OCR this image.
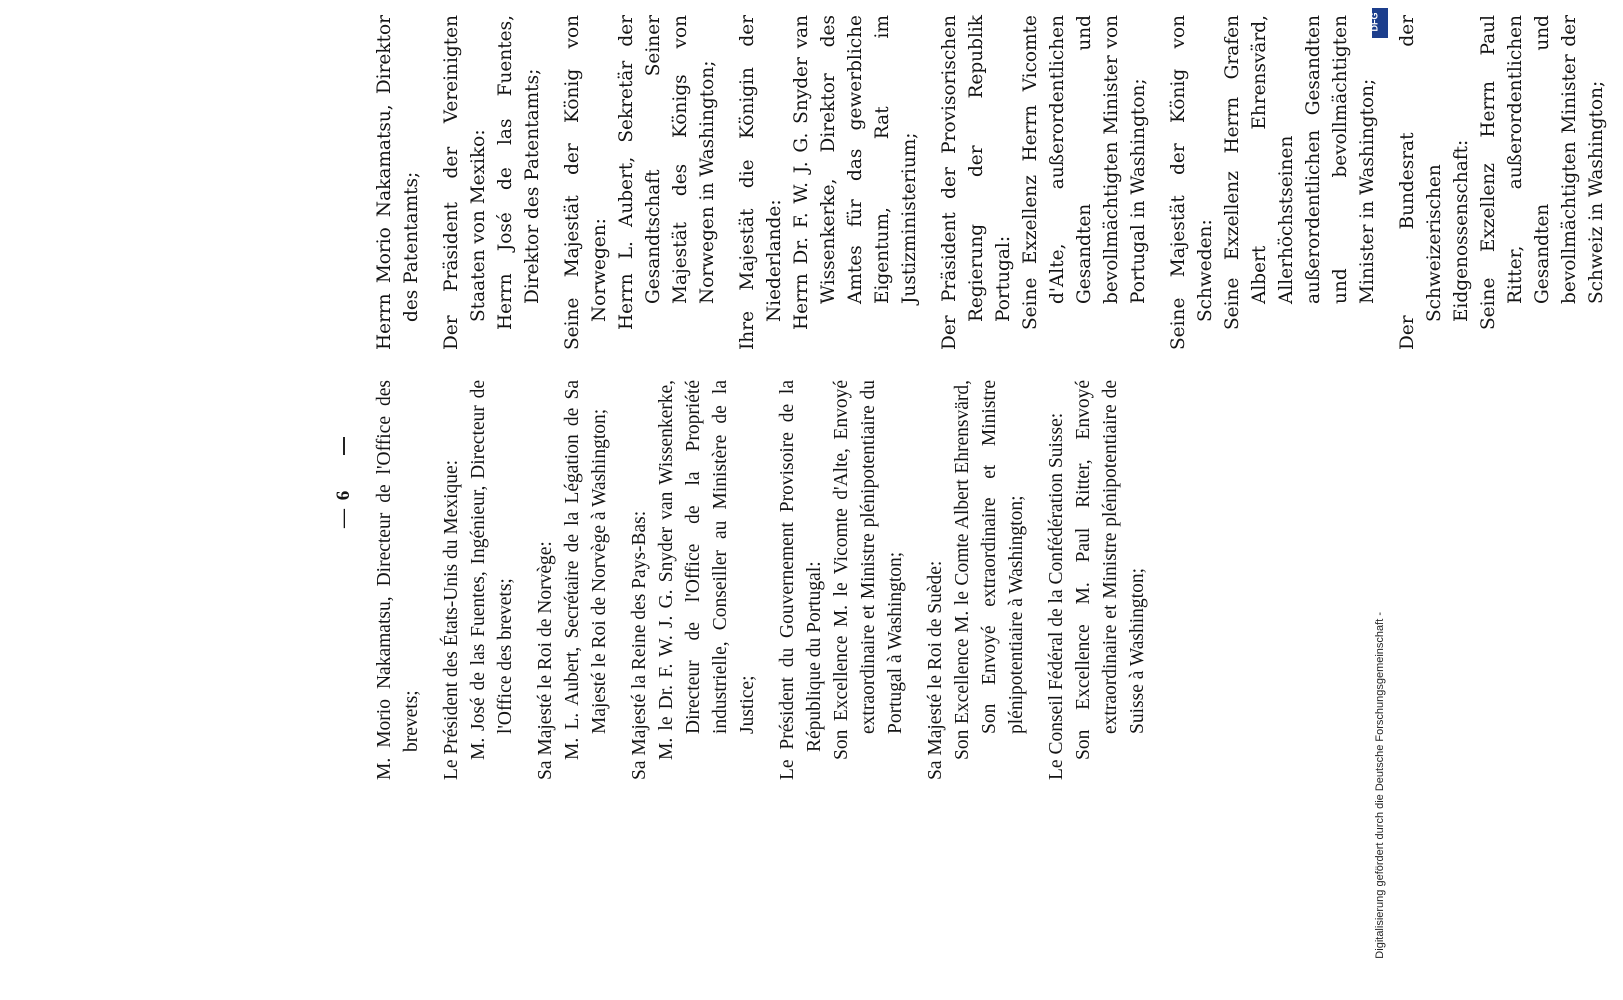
— 6 M. Morio Nakamatsu, Directeur de l'Office des brevets; Le Président des États-Unis du Mexique: M. José de las Fuentes, Ingénieur, Directeur de l'Office des brevets; Sa Majesté le Roi de Norvège: M. L. Aubert, Secrétaire de la Légation de Sa Majesté le Roi de Norvège à Washington; Sa Majesté la Reine des Pays-Bas: M. le Dr. F. W. J. G. Snyder van Wissenkerke, Directeur de l'Office de la Propriété industrielle, Conseiller au Ministère de la Justice; Le Président du Gouvernement Provisoire de la République du Portugal: Son Excellence M. le Vicomte d'Alte, Envoyé extraordinaire et Ministre plénipotentiaire du Portugal à Washington; Sa Majesté le Roi de Suède: Son Excellence M. le Comte Albert Ehrensvärd, Son Envoyé extraordinaire et Ministre plénipotentiaire à Washington; Le Conseil Fédéral de la Confédération Suisse: Son Excellence M. Paul Ritter, Envoyé extraordinaire et Ministre plénipotentiaire de Suisse à Washington;
Herrn Morio Nakamatsu, Direktor des Patentamts; Der Präsident der Vereinigten Staaten von Mexiko: Herrn José de las Fuentes, Direktor des Patentamts; Seine Majestät der König von Norwegen: Herrn L. Aubert, Sekretär der Gesandtschaft Seiner Majestät des Königs von Norwegen in Washington; Ihre Majestät die Königin der Niederlande: Herrn Dr. F. W. J. G. Snyder van Wissenkerke, Direktor des Amtes für das gewerbliche Eigentum, Rat im Justizministerium; Der Präsident der Provisorischen Regierung der Republik Portugal: Seine Exzellenz Herrn Vicomte d'Alte, außerordentlichen Gesandten und bevollmächtigten Minister von Portugal in Washington; Seine Majestät der König von Schweden: Seine Exzellenz Herrn Grafen Albert Ehrensvärd, Allerhöchstseinen außerordentlichen Gesandten und bevollmächtigten Minister in Washington; Der Bundesrat der Schweizerischen Eidgenossenschaft: Seine Exzellenz Herrn Paul Ritter, außerordentlichen Gesandten und bevollmächtigten Minister der Schweiz in Washington;
DFG
Digitalisierung gefördert durch die Deutsche Forschungsgemeinschaft -
